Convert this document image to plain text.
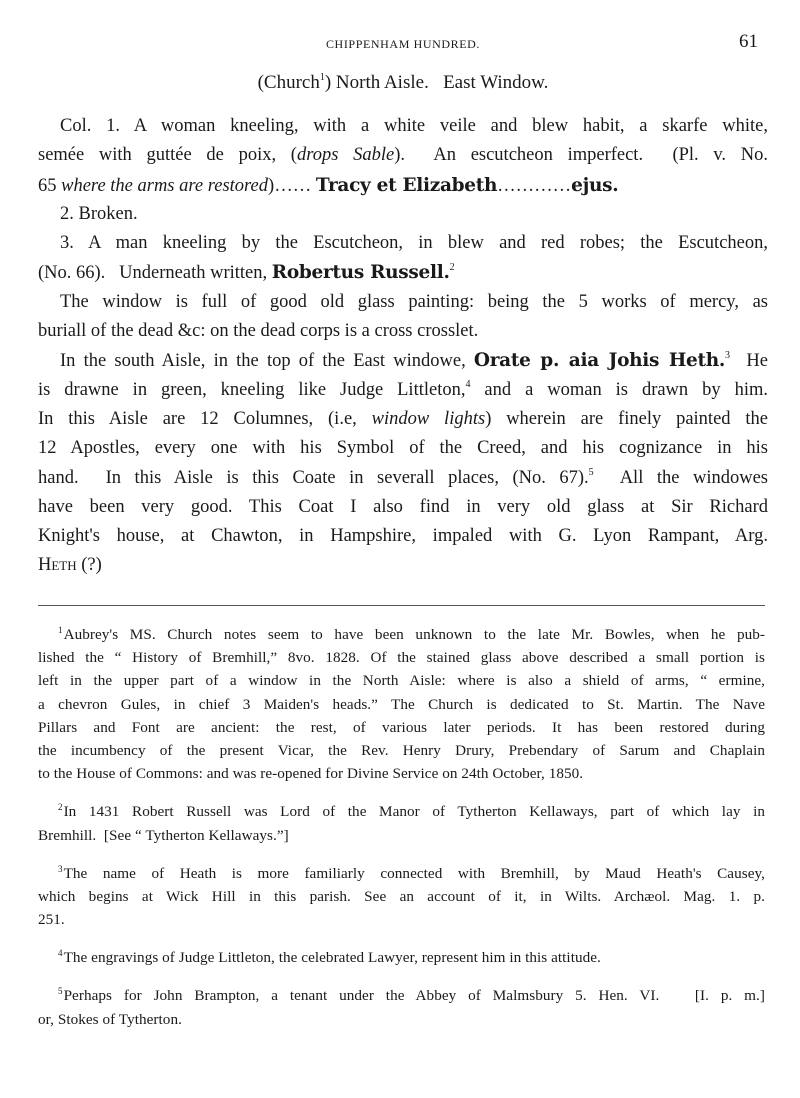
CHIPPENHAM HUNDRED.	61
(Church$^1$) North Aisle.   East Window.
Col. 1. A woman kneeling, with a white veile and blew habit, a skarfe white,
semée with guttée de poix, (drops Sable).  An escutcheon imperfect.  (Pl. v. No.
65 where the arms are restored)…… Tracy et Elizabeth…………ejus.
2. Broken.
3. A man kneeling by the Escutcheon, in blew and red robes; the Escutcheon,
(No. 66).   Underneath written, Robertus Russell.$^2$
The window is full of good old glass painting: being the 5 works of mercy, as
buriall of the dead &c: on the dead corps is a cross crosslet.
In the south Aisle, in the top of the East windowe, Orate p. aia Johis Heth.$^3$  He
is drawne in green, kneeling like Judge Littleton,$^4$ and a woman is drawn by him.
In this Aisle are 12 Columnes, (i.e, window lights) wherein are finely painted the
12 Apostles, every one with his Symbol of the Creed, and his cognizance in his
hand.  In this Aisle is this Coate in severall places, (No. 67).$^5$  All the windowes
have been very good. This Coat I also find in very old glass at Sir Richard
Knight's house, at Chawton, in Hampshire, impaled with G. Lyon Rampant, Arg.
Heth (?)
$^1$Aubrey's MS. Church notes seem to have been unknown to the late Mr. Bowles, when he pub-
lished the “ History of Bremhill,” 8vo. 1828. Of the stained glass above described a small portion is
left in the upper part of a window in the North Aisle: where is also a shield of arms, “ ermine,
a chevron Gules, in chief 3 Maiden's heads.” The Church is dedicated to St. Martin. The Nave
Pillars and Font are ancient: the rest, of various later periods. It has been restored during
the incumbency of the present Vicar, the Rev. Henry Drury, Prebendary of Sarum and Chaplain
to the House of Commons: and was re-opened for Divine Service on 24th October, 1850.
$^2$In 1431 Robert Russell was Lord of the Manor of Tytherton Kellaways, part of which lay in
Bremhill.  [See “ Tytherton Kellaways.”]
$^3$The name of Heath is more familiarly connected with Bremhill, by Maud Heath's Causey,
which begins at Wick Hill in this parish. See an account of it, in Wilts. Archæol. Mag. 1. p.
251.
$^4$The engravings of Judge Littleton, the celebrated Lawyer, represent him in this attitude.
$^5$Perhaps for John Brampton, a tenant under the Abbey of Malmsbury 5. Hen. VI.   [I. p. m.]
or, Stokes of Tytherton.
